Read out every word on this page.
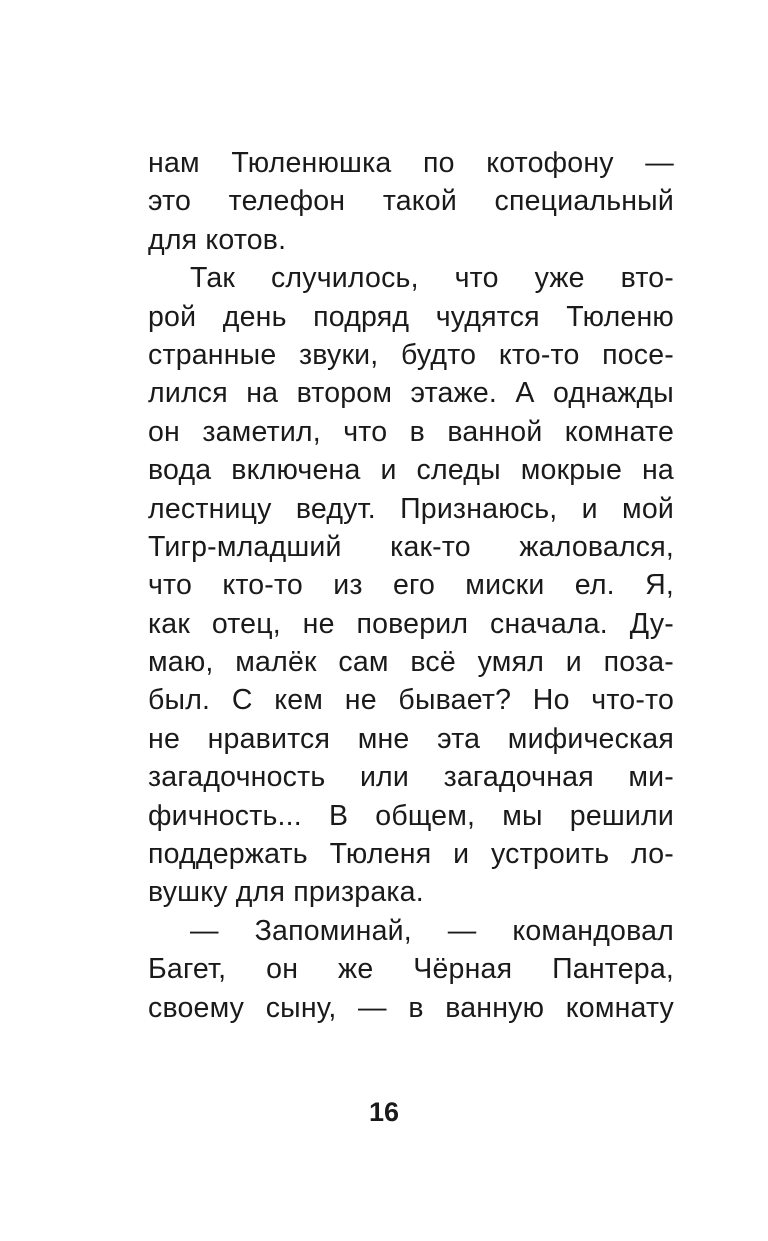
нам Тюленюшка по котофону —
это телефон такой специальный
для котов.
Так случилось, что уже вто-
рой день подряд чудятся Тюленю
странные звуки, будто кто-то посе-
лился на втором этаже. А однажды
он заметил, что в ванной комнате
вода включена и следы мокрые на
лестницу ведут. Признаюсь, и мой
Тигр-младший как-то жаловался,
что кто-то из его миски ел. Я,
как отец, не поверил сначала. Ду-
маю, малёк сам всё умял и поза-
был. С кем не бывает? Но что-то
не нравится мне эта мифическая
загадочность или загадочная ми-
фичность... В общем, мы решили
поддержать Тюленя и устроить ло-
вушку для призрака.
— Запоминай, — командовал
Багет, он же Чёрная Пантера,
своему сыну, — в ванную комнату
16
